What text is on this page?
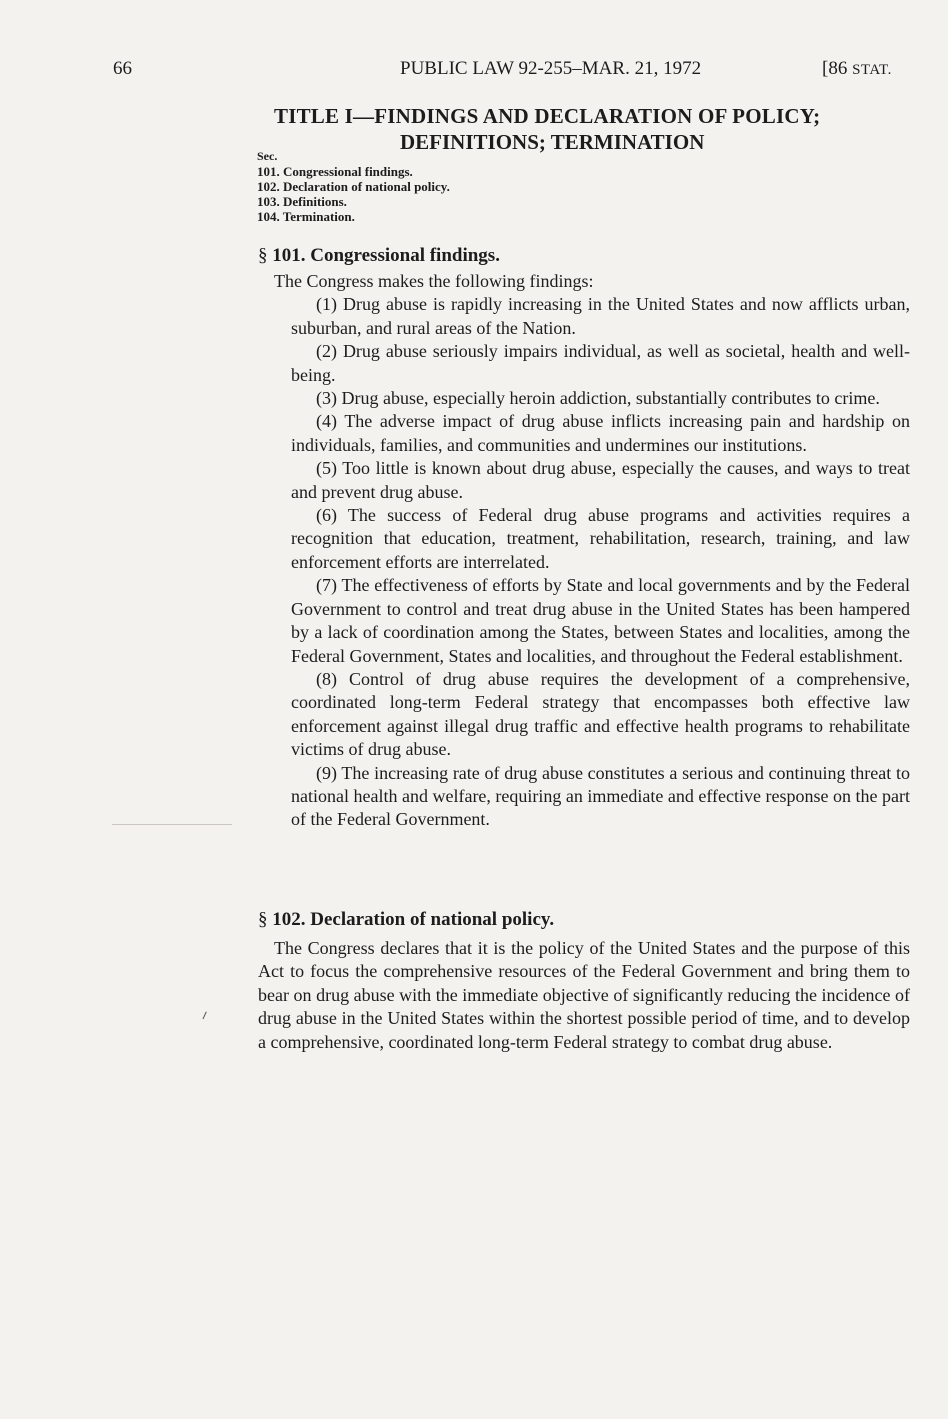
66	PUBLIC LAW 92-255–MAR. 21, 1972	[86 STAT.
TITLE I—FINDINGS AND DECLARATION OF POLICY;
DEFINITIONS; TERMINATION
Sec.
101. Congressional findings.
102. Declaration of national policy.
103. Definitions.
104. Termination.
§ 101. Congressional findings.

The Congress makes the following findings:

(1) Drug abuse is rapidly increasing in the United States and now afflicts urban, suburban, and rural areas of the Nation.

(2) Drug abuse seriously impairs individual, as well as societal, health and well-being.

(3) Drug abuse, especially heroin addiction, substantially contributes to crime.

(4) The adverse impact of drug abuse inflicts increasing pain and hardship on individuals, families, and communities and undermines our institutions.

(5) Too little is known about drug abuse, especially the causes, and ways to treat and prevent drug abuse.

(6) The success of Federal drug abuse programs and activities requires a recognition that education, treatment, rehabilitation, research, training, and law enforcement efforts are interrelated.

(7) The effectiveness of efforts by State and local governments and by the Federal Government to control and treat drug abuse in the United States has been hampered by a lack of coordination among the States, between States and localities, among the Federal Government, States and localities, and throughout the Federal establishment.

(8) Control of drug abuse requires the development of a comprehensive, coordinated long-term Federal strategy that encompasses both effective law enforcement against illegal drug traffic and effective health programs to rehabilitate victims of drug abuse.

(9) The increasing rate of drug abuse constitutes a serious and continuing threat to national health and welfare, requiring an immediate and effective response on the part of the Federal Government.

§ 102. Declaration of national policy.

The Congress declares that it is the policy of the United States and the purpose of this Act to focus the comprehensive resources of the Federal Government and bring them to bear on drug abuse with the immediate objective of significantly reducing the incidence of drug abuse in the United States within the shortest possible period of time, and to develop a comprehensive, coordinated long-term Federal strategy to combat drug abuse.
